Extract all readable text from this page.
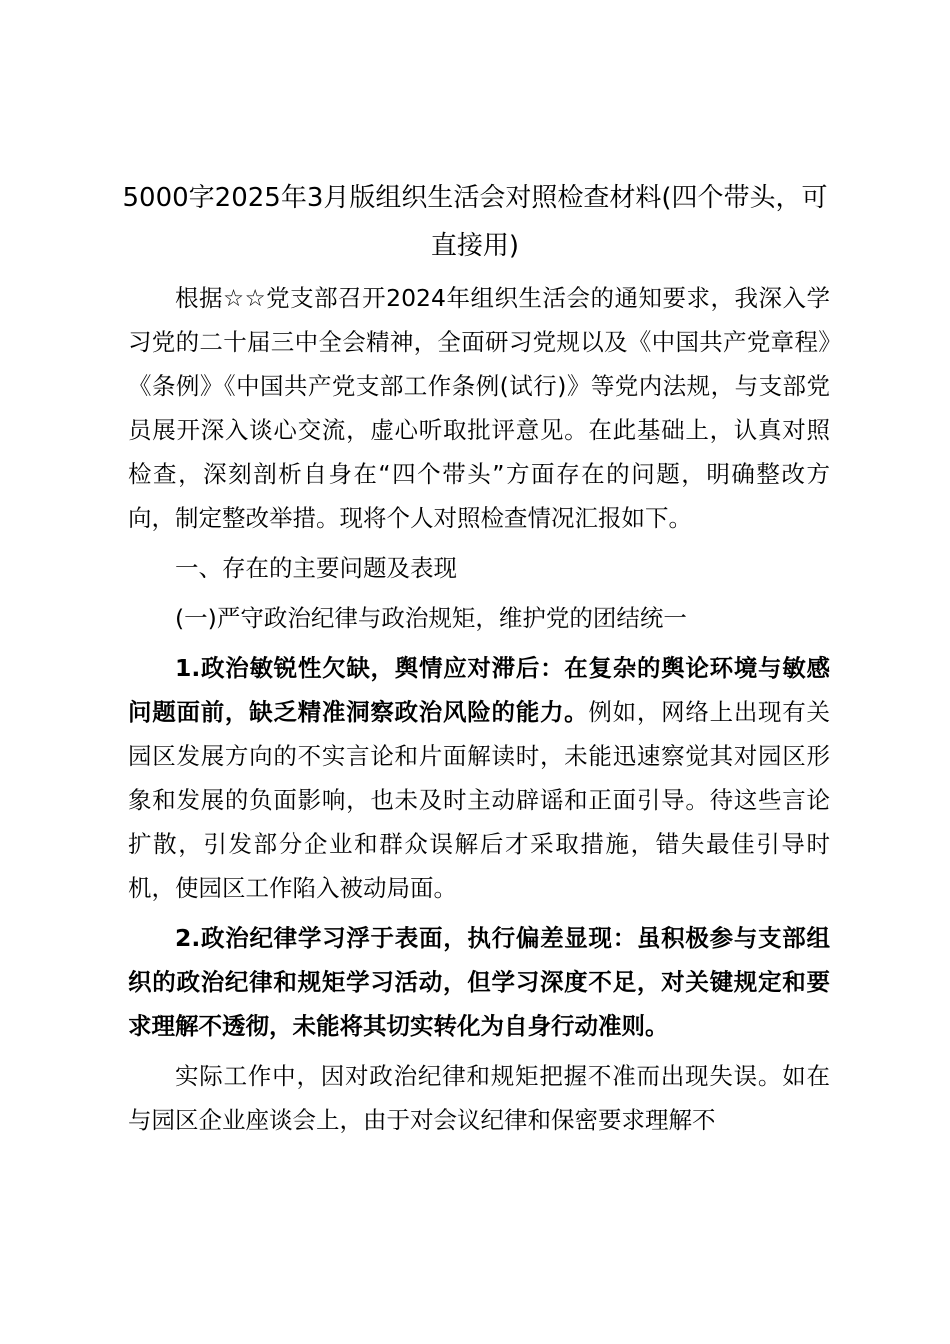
5000字2025年3月版组织生活会对照检查材料(四个带头，可直接用)

根据☆☆党支部召开2024年组织生活会的通知要求，我深入学习党的二十届三中全会精神，全面研习党规以及《中国共产党章程》《条例》《中国共产党支部工作条例(试行)》等党内法规，与支部党员展开深入谈心交流，虚心听取批评意见。在此基础上，认真对照检查，深刻剖析自身在“四个带头”方面存在的问题，明确整改方向，制定整改举措。现将个人对照检查情况汇报如下。

一、存在的主要问题及表现

(一)严守政治纪律与政治规矩，维护党的团结统一

1.政治敏锐性欠缺，舆情应对滞后：在复杂的舆论环境与敏感问题面前，缺乏精准洞察政治风险的能力。例如，网络上出现有关园区发展方向的不实言论和片面解读时，未能迅速察觉其对园区形象和发展的负面影响，也未及时主动辟谣和正面引导。待这些言论扩散，引发部分企业和群众误解后才采取措施，错失最佳引导时机，使园区工作陷入被动局面。

2.政治纪律学习浮于表面，执行偏差显现：虽积极参与支部组织的政治纪律和规矩学习活动，但学习深度不足，对关键规定和要求理解不透彻，未能将其切实转化为自身行动准则。

实际工作中，因对政治纪律和规矩把握不准而出现失误。如在与园区企业座谈会上，由于对会议纪律和保密要求理解不
